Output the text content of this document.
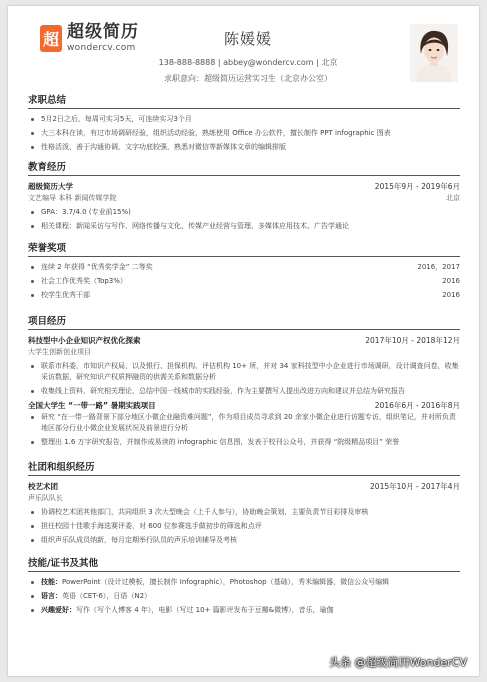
超 超级简历
wondercv.com	陈媛媛
138-888-8888 | abbey@wondercv.com | 北京
求职意向：超级简历运营实习生（北京办公室）
求职总结
5月2日之后，每周可实习5天，可连续实习3个月
大三本科在读，有过市场调研经验，组织活动经验，熟练使用 Office 办公软件，擅长制作 PPT infographic 图表
性格活泼，善于沟通协调，文字功底较强，熟悉对微信等新媒体文章的编辑排版
教育经历
超级简历大学	2015年9月 - 2019年6月
文艺编导 本科 新闻传媒学院	北京
GPA：3.7/4.0 (专业前15%)
相关课程：新闻采访与写作、网络传播与文化、传媒产业经营与管理、多媒体应用技术、广告学通论
荣誉奖项
连续 2 年获得 “优秀奖学金” 二等奖	2016，2017
社会工作优秀奖（Top3%）	2016
校学生优秀干部	2016
项目经历
科技型中小企业知识产权优化探索	2017年10月 - 2018年12月
大学生创新创业项目
联系市科委，市知识产权局，以及银行、担保机构、评估机构 10+ 所，并对 34 家科技型中小企业进行市场调研，设计调查问卷，收集采访数据，研究知识产权质押融资的供需关系和数据分析
收集线上资料，研究相关理论，总结中国一线城市的实践经验，作为主要撰写人提出改进方向和建议并总结为研究报告
全国大学生 “一带一路” 暑期实践项目	2016年6月 - 2016年8月
研究 “在一带一路背景下部分地区小微企业融资难问题”，作为项目成员寻求到 20 余家小微企业进行访题专访，组织笔记，并对所负责地区部分行业小微企业发展状况及前景进行分析
整理出 1.6 万字研究报告，并制作成易读的 infographic 信息图，发表于校刊公众号，并获得 “院级精品项目” 荣誉
社团和组织经历
校艺术团	2015年10月 - 2017年4月
声乐队队长
协调校艺术团其他部门，共同组织 3 次大型晚会（上千人参与），协助晚会策划，主要负责节目彩排及审核
担任校园十佳歌手海选赛评委，对 600 位参赛选手做初步的筛选和点评
组织声乐队成员纳新，每月定期举行队员的声乐培训辅导及考核
技能/证书及其他
技能：PowerPoint（设计过模板，擅长制作 Infographic），Photoshop（基础），秀米编辑器，微信公众号编辑
语言：英语（CET-6），日语（N2）
兴趣爱好：写作（写个人博客 4 年），电影（写过 10+ 篇影评发布于豆瓣&微博），音乐，瑜伽
头条 @超级简历WonderCV
